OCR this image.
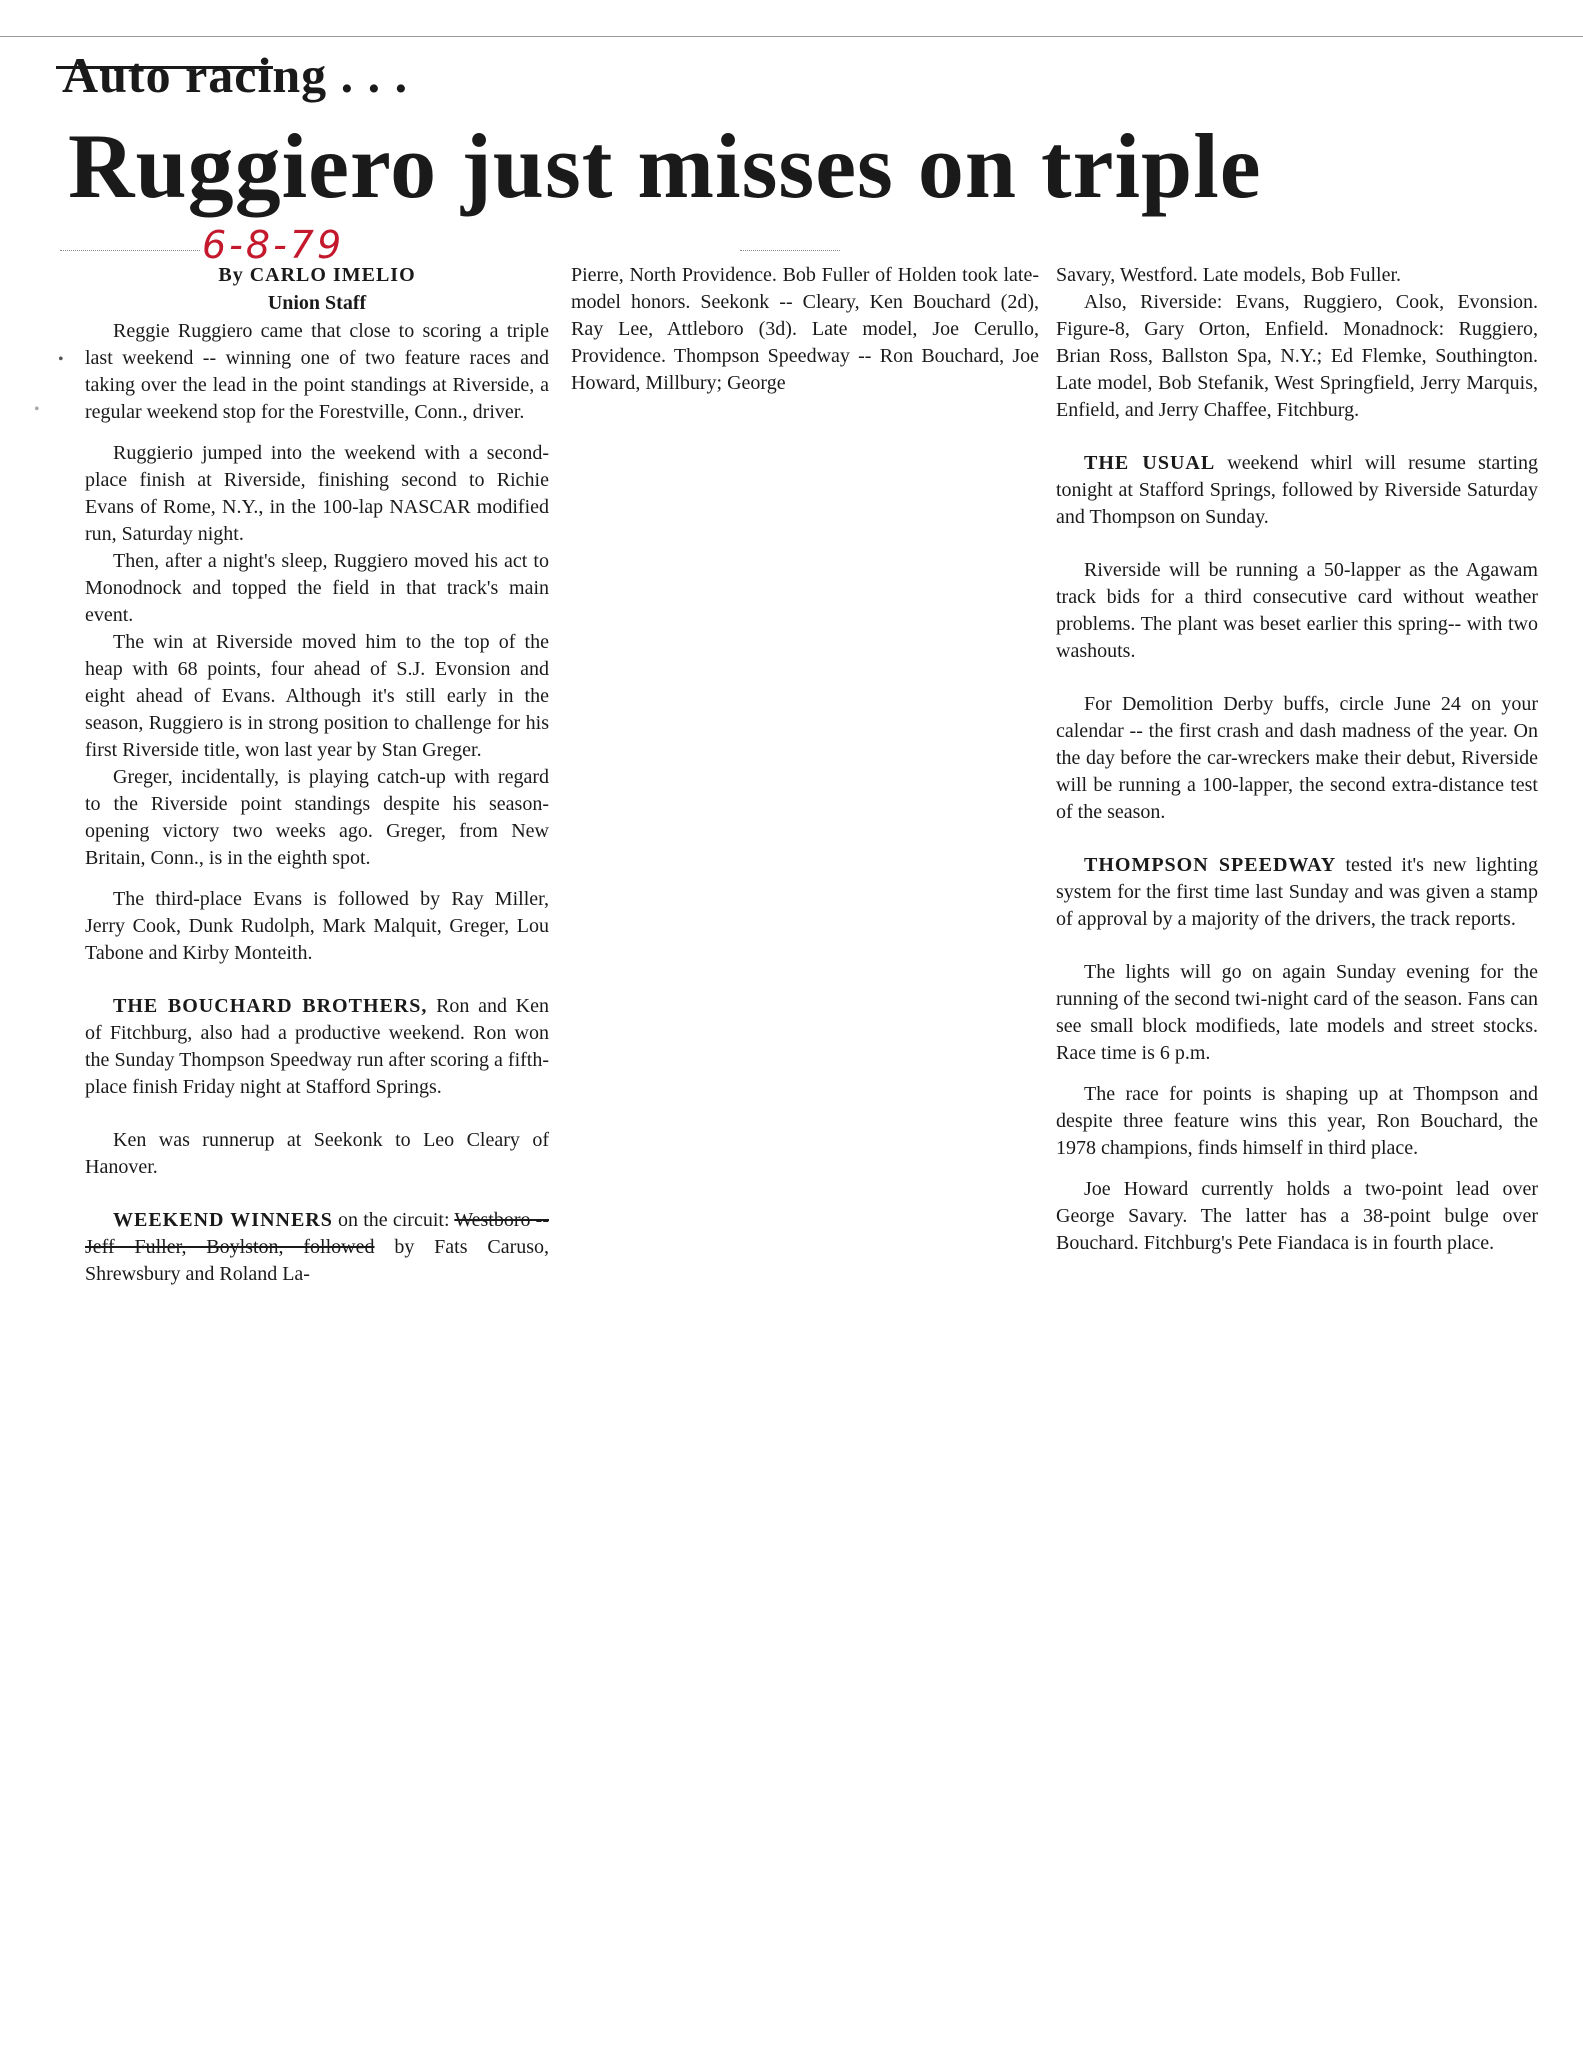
Auto racing . . .
Ruggiero just misses on triple
6-8-79
•
•
By CARLO IMELIO
Union Staff

Reggie Ruggiero came that close to scoring a triple last weekend -- winning one of two feature races and taking over the lead in the point standings at Riverside, a regular weekend stop for the Forestville, Conn., driver.

Ruggierio jumped into the weekend with a second-place finish at Riverside, finishing second to Richie Evans of Rome, N.Y., in the 100-lap NASCAR modified run, Saturday night.

Then, after a night's sleep, Ruggiero moved his act to Monodnock and topped the field in that track's main event.

The win at Riverside moved him to the top of the heap with 68 points, four ahead of S.J. Evonsion and eight ahead of Evans. Although it's still early in the season, Ruggiero is in strong position to challenge for his first Riverside title, won last year by Stan Greger.

Greger, incidentally, is playing catch-up with regard to the Riverside point standings despite his season-opening victory two weeks ago. Greger, from New Britain, Conn., is in the eighth spot.

The third-place Evans is followed by Ray Miller, Jerry Cook, Dunk Rudolph, Mark Malquit, Greger, Lou Tabone and Kirby Monteith.

THE BOUCHARD BROTHERS, Ron and Ken of Fitchburg, also had a productive weekend. Ron won the Sunday Thompson Speedway run after scoring a fifth-place finish Friday night at Stafford Springs.

Ken was runnerup at Seekonk to Leo Cleary of Hanover.

WEEKEND WINNERS on the circuit: Westboro -- Jeff Fuller, Boylston, followed by Fats Caruso, Shrewsbury and Roland La-

Pierre, North Providence. Bob Fuller of Holden took late-model honors. Seekonk -- Cleary, Ken Bouchard (2d), Ray Lee, Attleboro (3d). Late model, Joe Cerullo, Providence. Thompson Speedway -- Ron Bouchard, Joe Howard, Millbury; George

Savary, Westford. Late models, Bob Fuller.

Also, Riverside: Evans, Ruggiero, Cook, Evonsion. Figure-8, Gary Orton, Enfield. Monadnock: Ruggiero, Brian Ross, Ballston Spa, N.Y.; Ed Flemke, Southington. Late model, Bob Stefanik, West Springfield, Jerry Marquis, Enfield, and Jerry Chaffee, Fitchburg.

THE USUAL weekend whirl will resume starting tonight at Stafford Springs, followed by Riverside Saturday and Thompson on Sunday.

Riverside will be running a 50-lapper as the Agawam track bids for a third consecutive card without weather problems. The plant was beset earlier this spring-- with two washouts.

For Demolition Derby buffs, circle June 24 on your calendar -- the first crash and dash madness of the year. On the day before the car-wreckers make their debut, Riverside will be running a 100-lapper, the second extra-distance test of the season.

THOMPSON SPEEDWAY tested it's new lighting system for the first time last Sunday and was given a stamp of approval by a majority of the drivers, the track reports.

The lights will go on again Sunday evening for the running of the second twi-night card of the season. Fans can see small block modifieds, late models and street stocks. Race time is 6 p.m.

The race for points is shaping up at Thompson and despite three feature wins this year, Ron Bouchard, the 1978 champions, finds himself in third place.

Joe Howard currently holds a two-point lead over George Savary. The latter has a 38-point bulge over Bouchard. Fitchburg's Pete Fiandaca is in fourth place.
